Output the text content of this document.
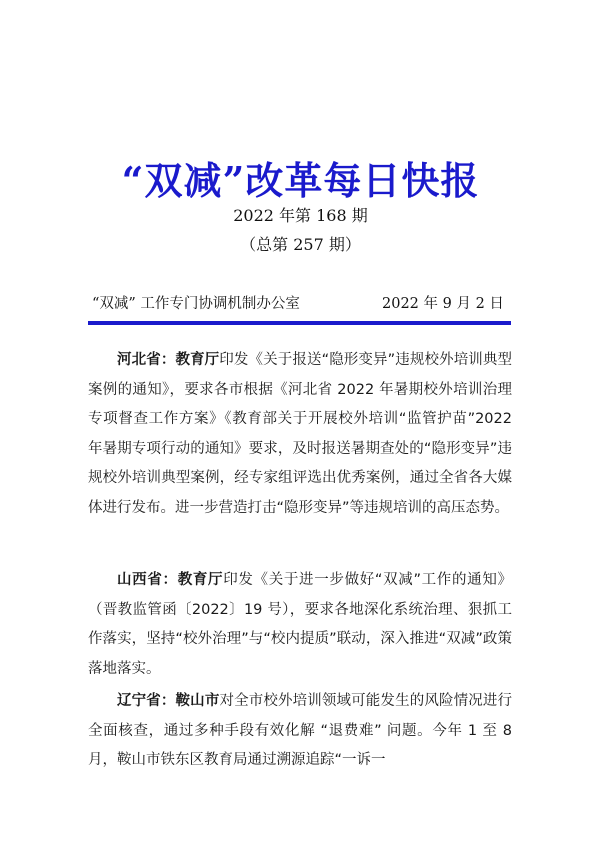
“双减”改革每日快报
2022 年第 168 期
（总第 257 期）
“双减” 工作专门协调机制办公室	2022 年 9 月 2 日
河北省：教育厅印发《关于报送“隐形变异”违规校外培训典型案例的通知》，要求各市根据《河北省 2022 年暑期校外培训治理专项督查工作方案》《教育部关于开展校外培训“监管护苗”2022 年暑期专项行动的通知》要求，及时报送暑期查处的“隐形变异”违规校外培训典型案例，经专家组评选出优秀案例，通过全省各大媒体进行发布。进一步营造打击“隐形变异”等违规培训的高压态势。
山西省：教育厅印发《关于进一步做好“双减”工作的通知》（晋教监管函〔2022〕19 号），要求各地深化系统治理、狠抓工作落实，坚持“校外治理”与“校内提质”联动，深入推进“双减”政策落地落实。
辽宁省：鞍山市对全市校外培训领域可能发生的风险情况进行全面核查，通过多种手段有效化解 “退费难” 问题。今年 1 至 8 月，鞍山市铁东区教育局通过溯源追踪“一诉一
